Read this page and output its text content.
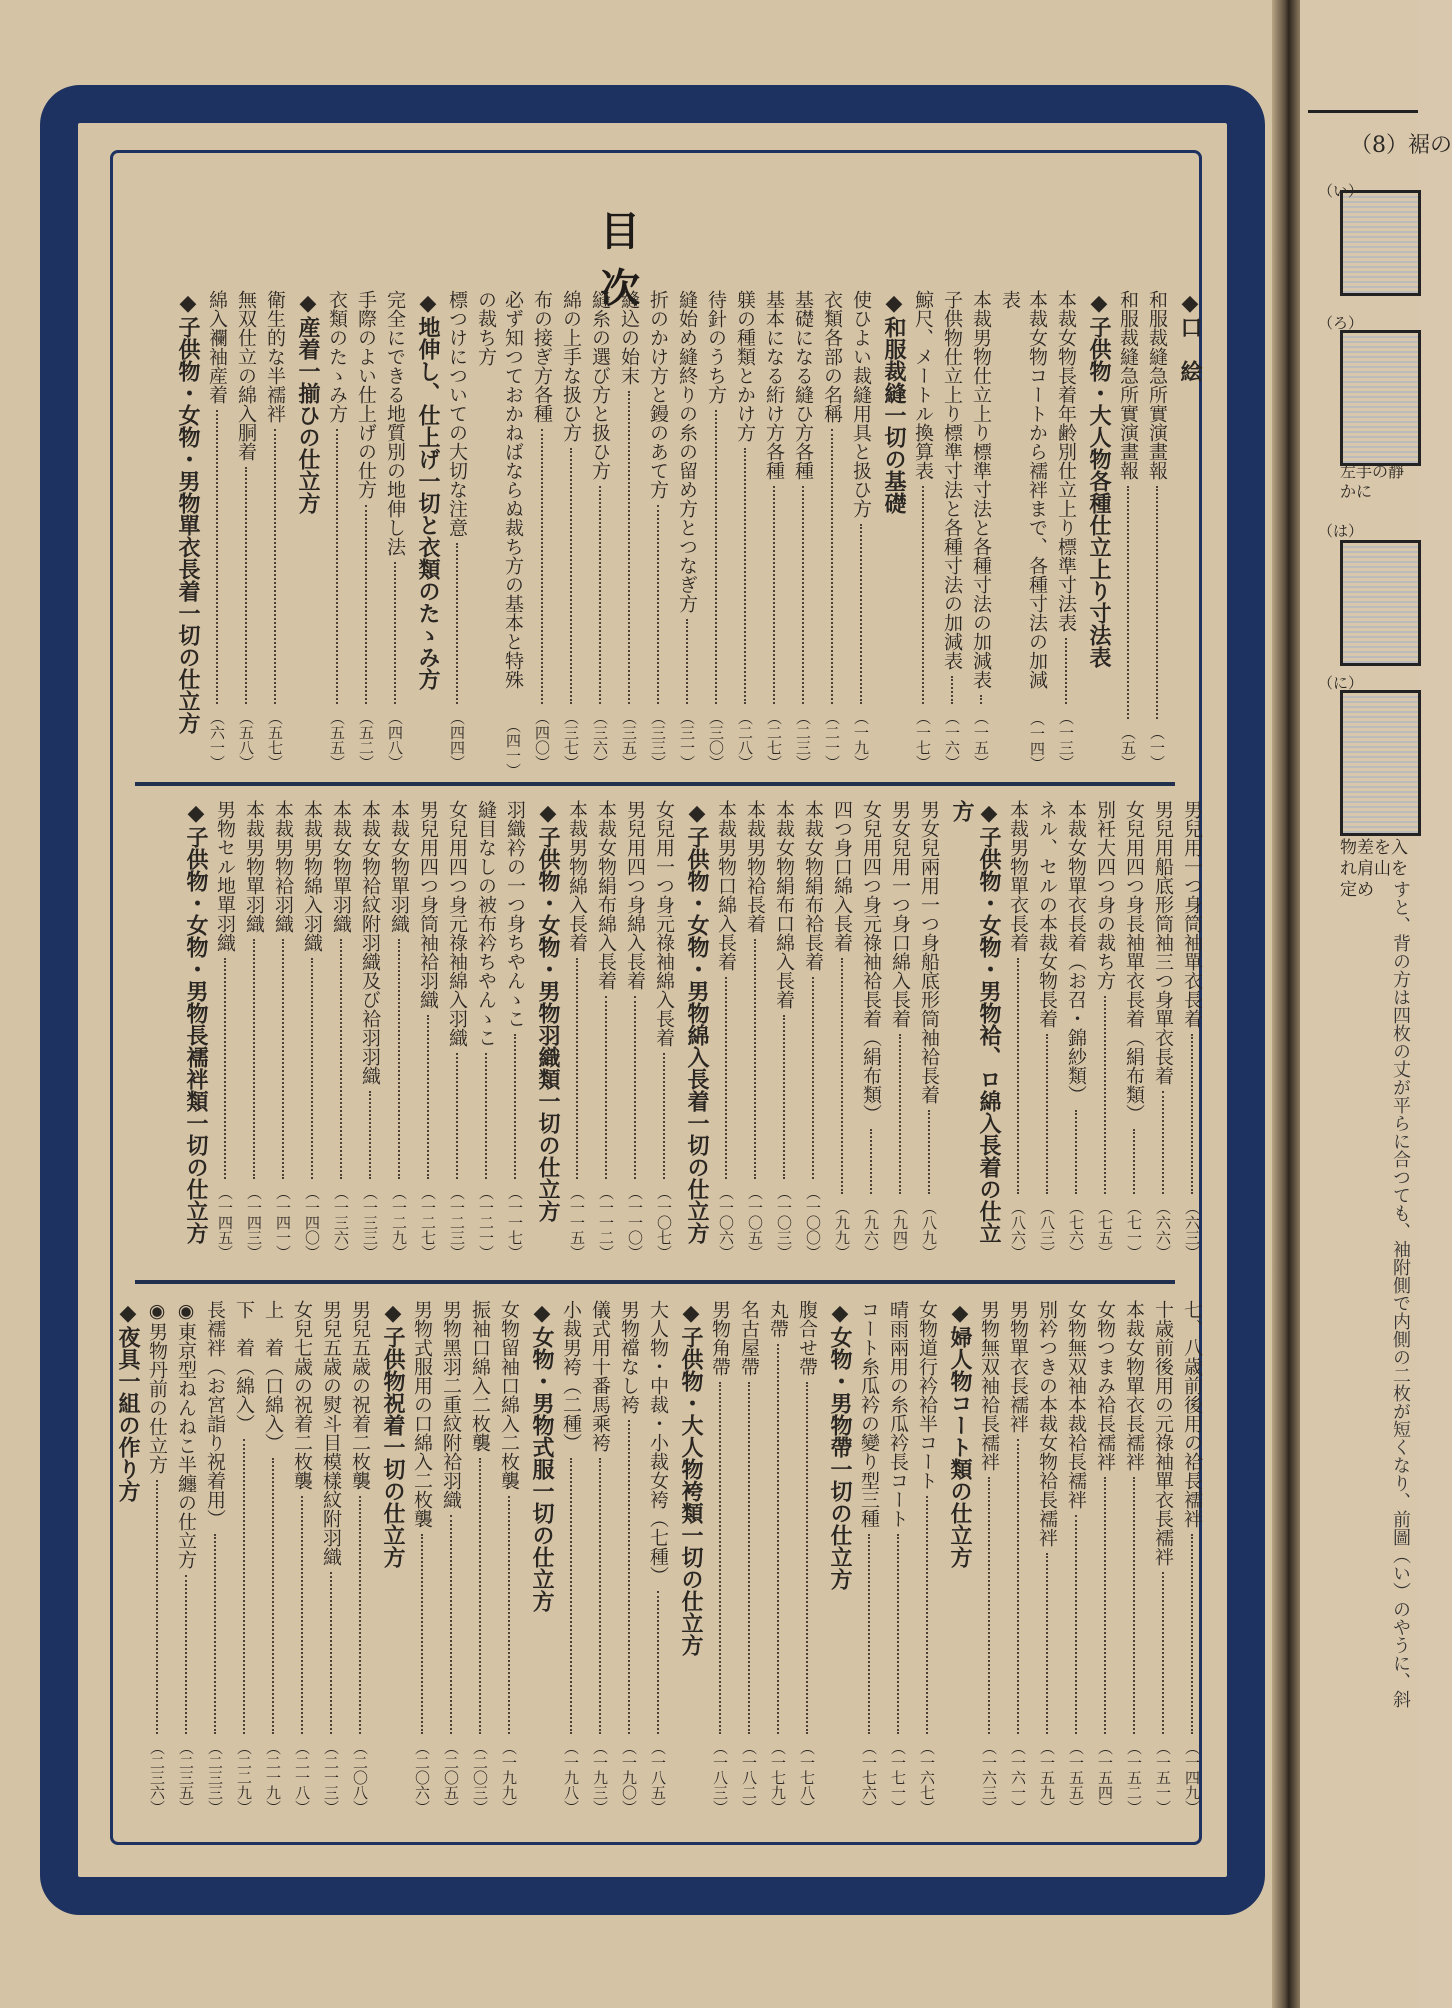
目　次
◆口　絵
和服裁縫急所實演畫報
（一）
和服裁縫急所實演畫報
（五）
◆子供物・大人物各種仕立上り寸法表
本裁女物長着年齢別仕立上り標準寸法表
（一三）
本裁女物コートから襦袢まで、各種寸法の加減表
（一四）
本裁男物仕立上り標準寸法と各種寸法の加減表
（一五）
子供物仕立上り標準寸法と各種寸法の加減表
（一六）
鯨尺、メートル換算表
（一七）
◆和服裁縫一切の基礎
使ひよい裁縫用具と扱ひ方
（一九）
衣類各部の名稱
（二一）
基礎になる縫ひ方各種
（二三）
基本になる絎け方各種
（二七）
躾の種類とかけ方
（二八）
待針のうち方
（三〇）
縫始め縫終りの糸の留め方とつなぎ方
（三一）
折のかけ方と鏝のあて方
（三三）
縫込の始末
（三五）
縫糸の選び方と扱ひ方
（三六）
綿の上手な扱ひ方
（三七）
布の接ぎ方各種
（四〇）
必ず知つておかねばならぬ裁ち方の基本と特殊の裁ち方
（四一）
標つけについての大切な注意
（四四）
◆地伸し、仕上げ一切と衣類のたゝみ方
完全にできる地質別の地伸し法
（四八）
手際のよい仕上げの仕方
（五二）
衣類のたゝみ方
（五五）
◆産着一揃ひの仕立方
衛生的な半襦袢
（五七）
無双仕立の綿入胴着
（五八）
綿入襴袖産着
（六一）
◆子供物・女物・男物單衣長着一切の仕立方
男兒用一つ身筒袖單衣長着
（六三）
男兒用船底形筒袖三つ身單衣長着
（六六）
女兒用四つ身長袖單衣長着（絹布類）
（七一）
別衽大四つ身の裁ち方
（七五）
本裁女物單衣長着（お召・錦紗類）
（七六）
ネル、セルの本裁女物長着
（八三）
本裁男物單衣長着
（八六）
◆子供物・女物・男物袷、ロ綿入長着の仕立方
男女兒兩用一つ身船底形筒袖袷長着
（八九）
男女兒用一つ身口綿入長着
（九四）
女兒用四つ身元祿袖袷長着（絹布類）
（九六）
四つ身口綿入長着
（九九）
本裁女物絹布袷長着
（一〇〇）
本裁女物絹布口綿入長着
（一〇三）
本裁男物袷長着
（一〇五）
本裁男物口綿入長着
（一〇六）
◆子供物・女物・男物綿入長着一切の仕立方
女兒用一つ身元祿袖綿入長着
（一〇七）
男兒用四つ身綿入長着
（一一〇）
本裁女物絹布綿入長着
（一一二）
本裁男物綿入長着
（一一五）
◆子供物・女物・男物羽織類一切の仕立方
羽織衿の一つ身ちやんゝこ
（一一七）
縫目なしの被布衿ちやんゝこ
（一二一）
女兒用四つ身元祿袖綿入羽織
（一二三）
男兒用四つ身筒袖袷羽織
（一二七）
本裁女物單羽織
（一二九）
本裁女物袷紋附羽織及び袷羽羽織
（一三三）
本裁女物單羽織
（一三六）
本裁男物綿入羽織
（一四〇）
本裁男物袷羽織
（一四一）
本裁男物單羽織
（一四三）
男物セル地單羽織
（一四五）
◆子供物・女物・男物長襦袢類一切の仕立方
七、八歳前後用の袷長襦袢
（一四九）
十歳前後用の元祿袖單衣長襦袢
（一五一）
本裁女物單衣長襦袢
（一五二）
女物つまみ袷長襦袢
（一五四）
女物無双袖本裁袷長襦袢
（一五五）
別衿つきの本裁女物袷長襦袢
（一五九）
男物單衣長襦袢
（一六一）
男物無双袖袷長襦袢
（一六三）
◆婦人物コート類の仕立方
女物道行衿袷半コート
（一六七）
晴雨兩用の糸瓜衿長コート
（一七一）
コート糸瓜衿の變り型三種
（一七六）
◆女物・男物帶一切の仕立方
腹合せ帶
（一七八）
丸帶
（一七九）
名古屋帶
（一八二）
男物角帶
（一八三）
◆子供物・大人物袴類一切の仕立方
大人物・中裁・小裁女袴（七種）
（一八五）
男物襠なし袴
（一九〇）
儀式用十番馬乘袴
（一九三）
小裁男袴（二種）
（一九八）
◆女物・男物式服一切の仕立方
女物留袖口綿入二枚襲
（一九九）
振袖口綿入二枚襲
（二〇三）
男物黑羽二重紋附袷羽織
（二〇五）
男物式服用の口綿入二枚襲
（二〇六）
◆子供物祝着一切の仕立方
男兒五歳の祝着二枚襲
（二〇八）
男兒五歳の熨斗目模樣紋附羽織
（二一三）
女兒七歳の祝着二枚襲
（二一八）
上　着（口綿入）
（二一九）
下　着（綿入）
（二二九）
長襦袢（お宮詣り祝着用）
（二三三）
◉東京型ねんねこ半纏の仕立方
（二三五）
◉男物丹前の仕立方
（二三六）
◆夜具一組の作り方
（8）裾の
（い）
（ろ）
（は）
（に）
左手の靜かに
物差を入れ肩山を定め すと、背の方は四枚の丈が平らに合つても、袖附側で内側の二枚が短くなり、前圖（い）のやうに、斜
